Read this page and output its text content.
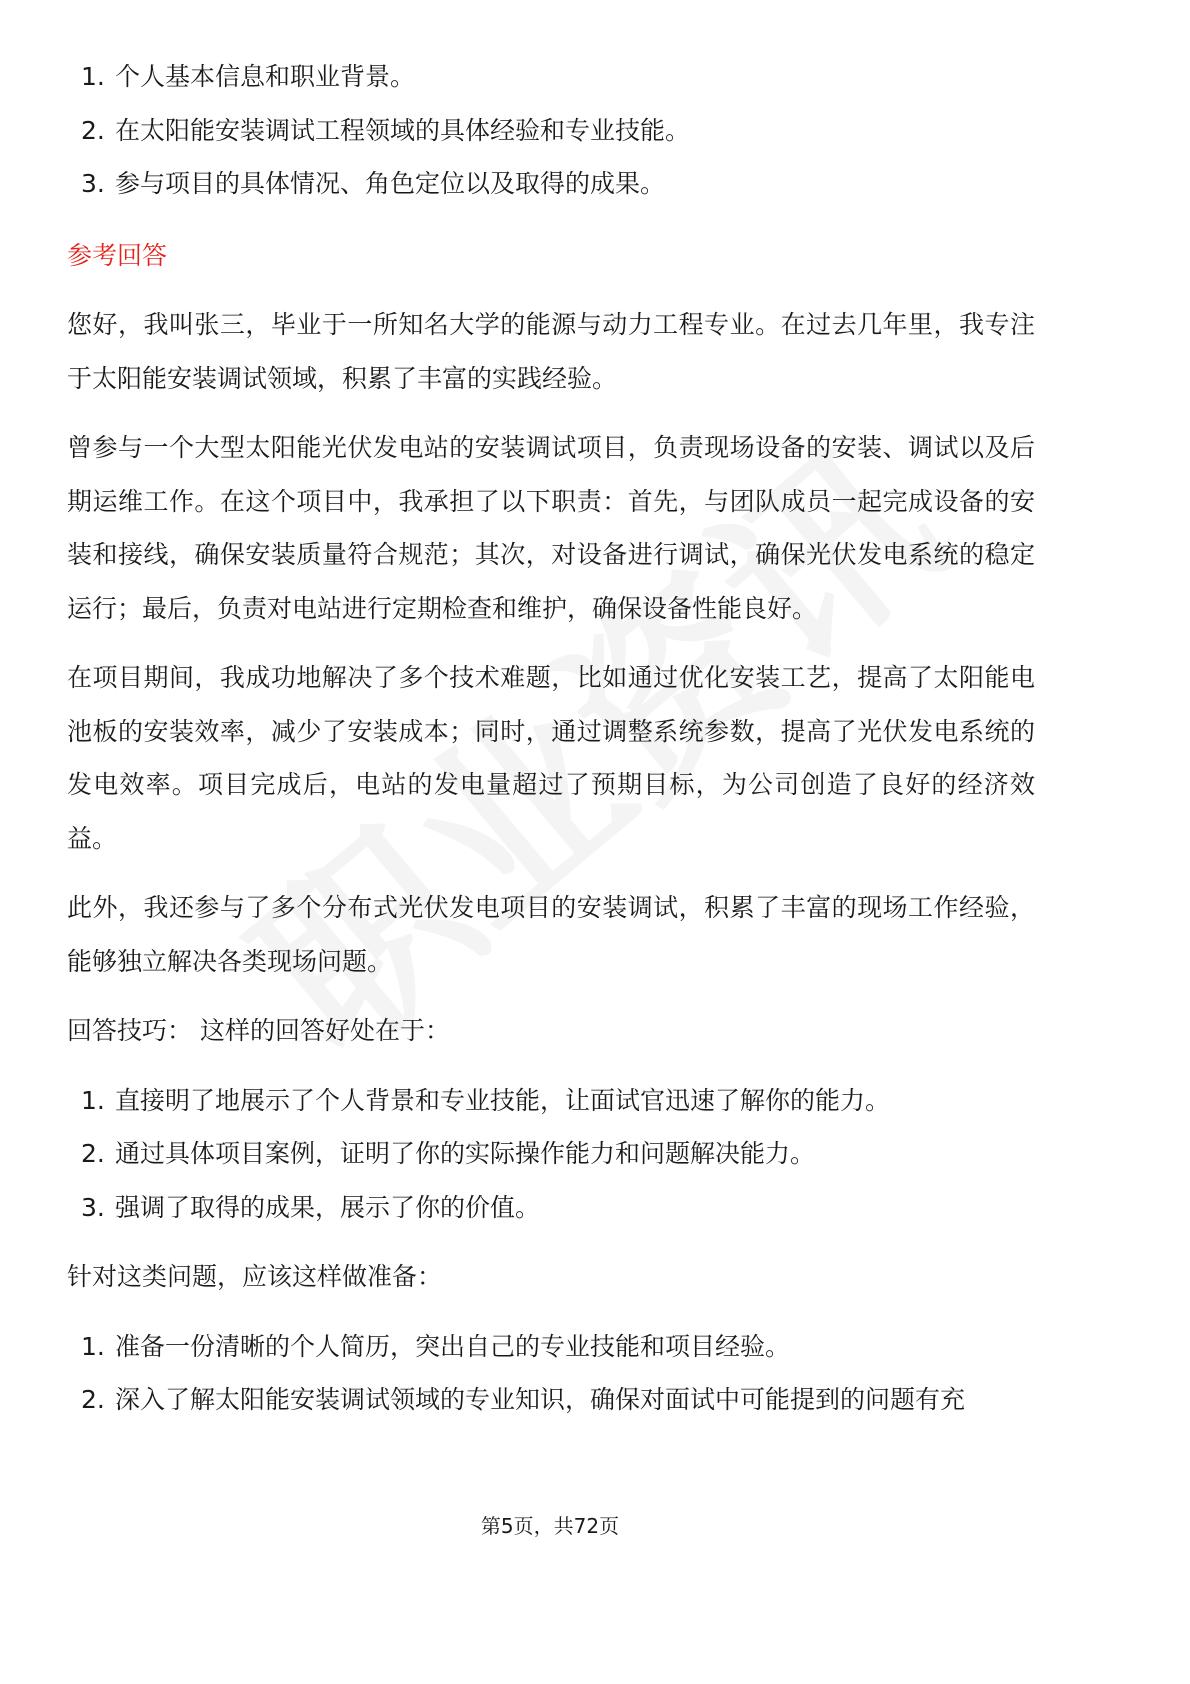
1. 个人基本信息和职业背景。
2. 在太阳能安装调试工程领域的具体经验和专业技能。
3. 参与项目的具体情况、角色定位以及取得的成果。

参考回答

您好，我叫张三，毕业于一所知名大学的能源与动力工程专业。在过去几年里，我专注于太阳能安装调试领域，积累了丰富的实践经验。

曾参与一个大型太阳能光伏发电站的安装调试项目，负责现场设备的安装、调试以及后期运维工作。在这个项目中，我承担了以下职责：首先，与团队成员一起完成设备的安装和接线，确保安装质量符合规范；其次，对设备进行调试，确保光伏发电系统的稳定运行；最后，负责对电站进行定期检查和维护，确保设备性能良好。

在项目期间，我成功地解决了多个技术难题，比如通过优化安装工艺，提高了太阳能电池板的安装效率，减少了安装成本；同时，通过调整系统参数，提高了光伏发电系统的发电效率。项目完成后，电站的发电量超过了预期目标，为公司创造了良好的经济效益。

此外，我还参与了多个分布式光伏发电项目的安装调试，积累了丰富的现场工作经验，能够独立解决各类现场问题。

回答技巧： 这样的回答好处在于：

1. 直接明了地展示了个人背景和专业技能，让面试官迅速了解你的能力。
2. 通过具体项目案例，证明了你的实际操作能力和问题解决能力。
3. 强调了取得的成果，展示了你的价值。

针对这类问题，应该这样做准备：

1. 准备一份清晰的个人简历，突出自己的专业技能和项目经验。
2. 深入了解太阳能安装调试领域的专业知识，确保对面试中可能提到的问题有充
第5页，共72页
